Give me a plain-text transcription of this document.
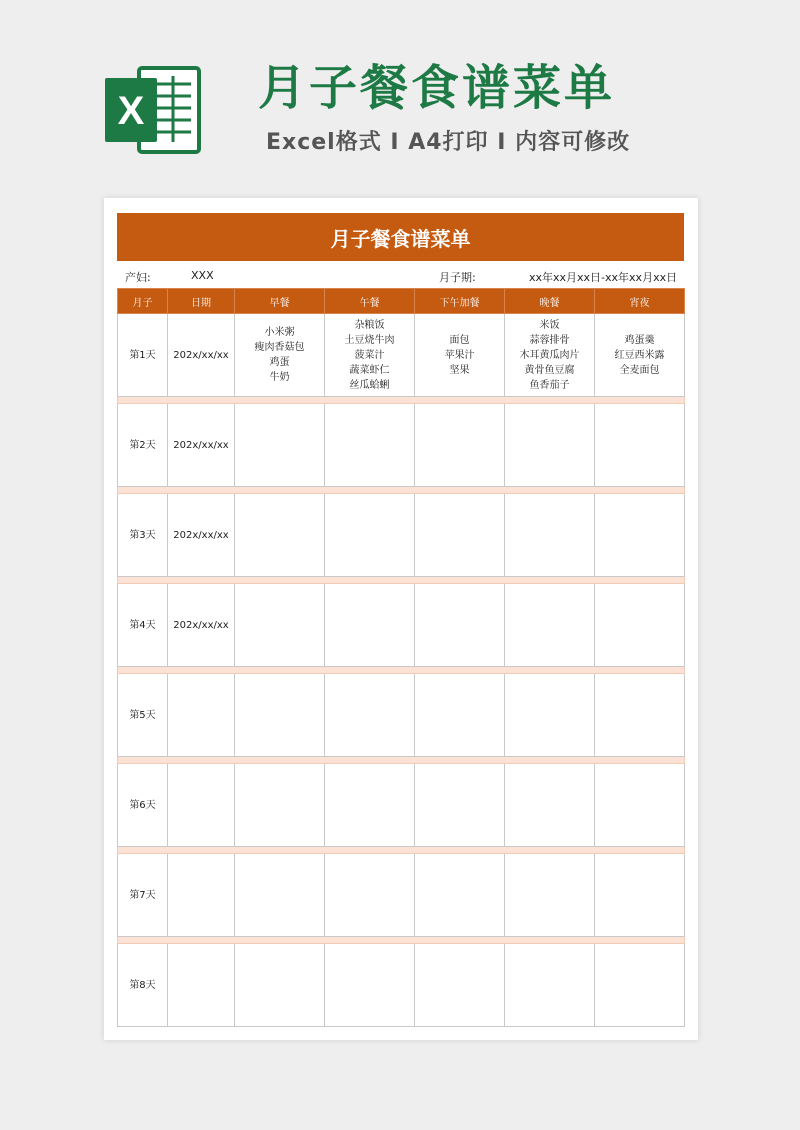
X 月子餐食谱菜单
Excel格式 I A4打印 I 内容可修改
月子餐食谱菜单
产妇:	XXX	月子期:	xx年xx月xx日-xx年xx月xx日
月子	日期	早餐	午餐	下午加餐	晚餐	宵夜
第1天	202x/xx/xx	小米粥
瘦肉香菇包
鸡蛋
牛奶	杂粮饭
土豆烧牛肉
菠菜汁
蔬菜虾仁
丝瓜蛤蜊	面包
苹果汁
坚果	米饭
蒜蓉排骨
木耳黄瓜肉片
黄骨鱼豆腐
鱼香茄子	鸡蛋羹
红豆西米露
全麦面包

第2天	202x/xx/xx					

第3天	202x/xx/xx					

第4天	202x/xx/xx					

第5天						

第6天						

第7天						

第8天						
